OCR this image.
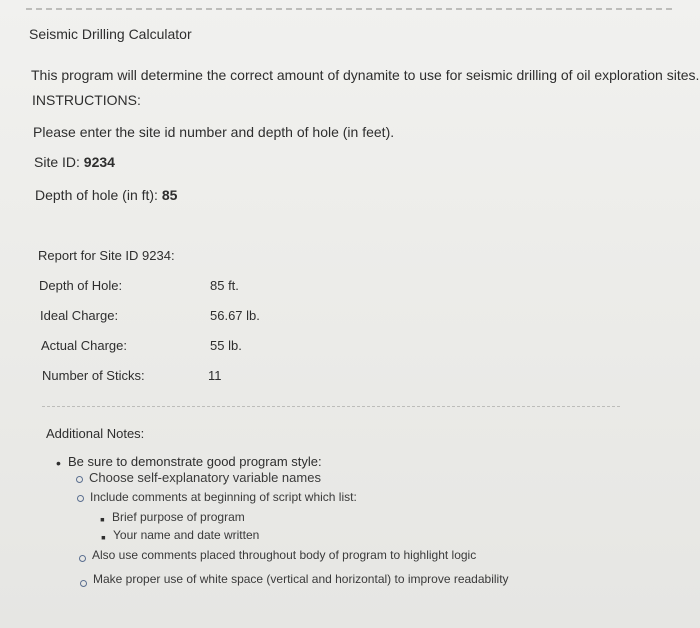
Seismic Drilling Calculator
This program will determine the correct amount of dynamite to use for seismic drilling of oil exploration sites.
INSTRUCTIONS:
Please enter the site id number and depth of hole (in feet).
Site ID: 9234
Depth of hole (in ft): 85
Report for Site ID 9234:
Depth of Hole:	85 ft.
Ideal Charge:	56.67 lb.
Actual Charge:	55 lb.
Number of Sticks:	11
Additional Notes:
• Be sure to demonstrate good program style:
Choose self-explanatory variable names
Include comments at beginning of script which list:
▪ Brief purpose of program
▪ Your name and date written
Also use comments placed throughout body of program to highlight logic
Make proper use of white space (vertical and horizontal) to improve readability
